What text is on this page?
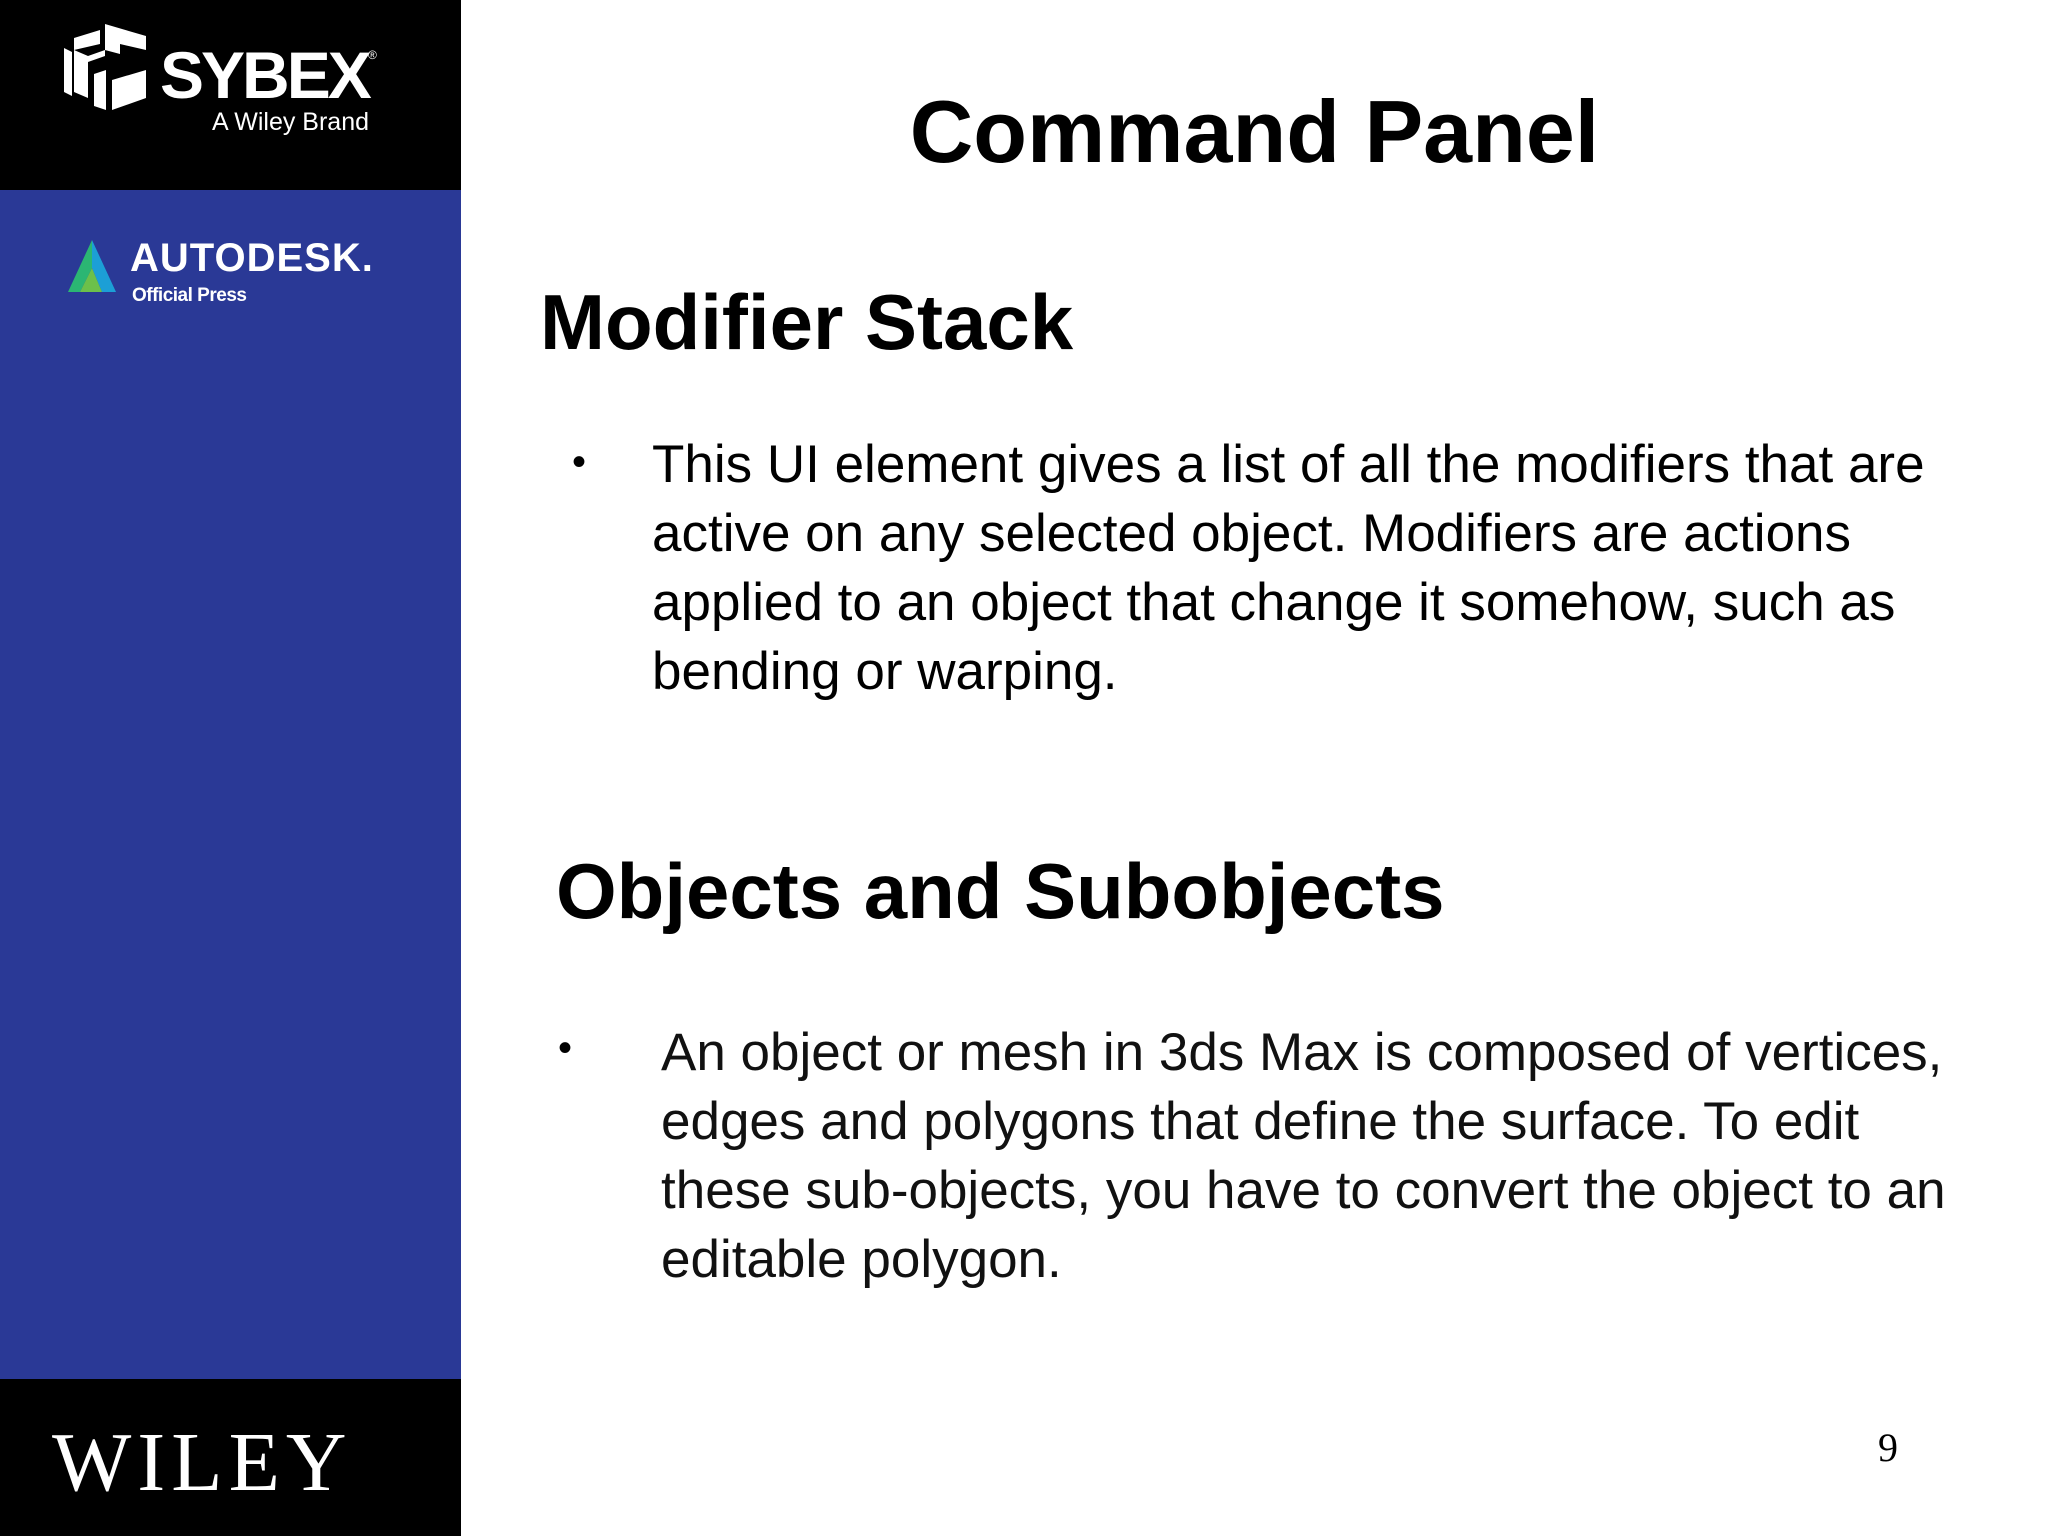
SYBEX ®
A Wiley Brand
AUTODESK.
Official Press
WILEY
Command Panel
Modifier Stack
• This UI element gives a list of all the modifiers that are active on any selected object. Modifiers are actions applied to an object that change it somehow, such as bending or warping.

Objects and Subobjects
• An object or mesh in 3ds Max is composed of vertices, edges and polygons that define the surface. To edit these sub-objects, you have to convert the object to an editable polygon.

9
